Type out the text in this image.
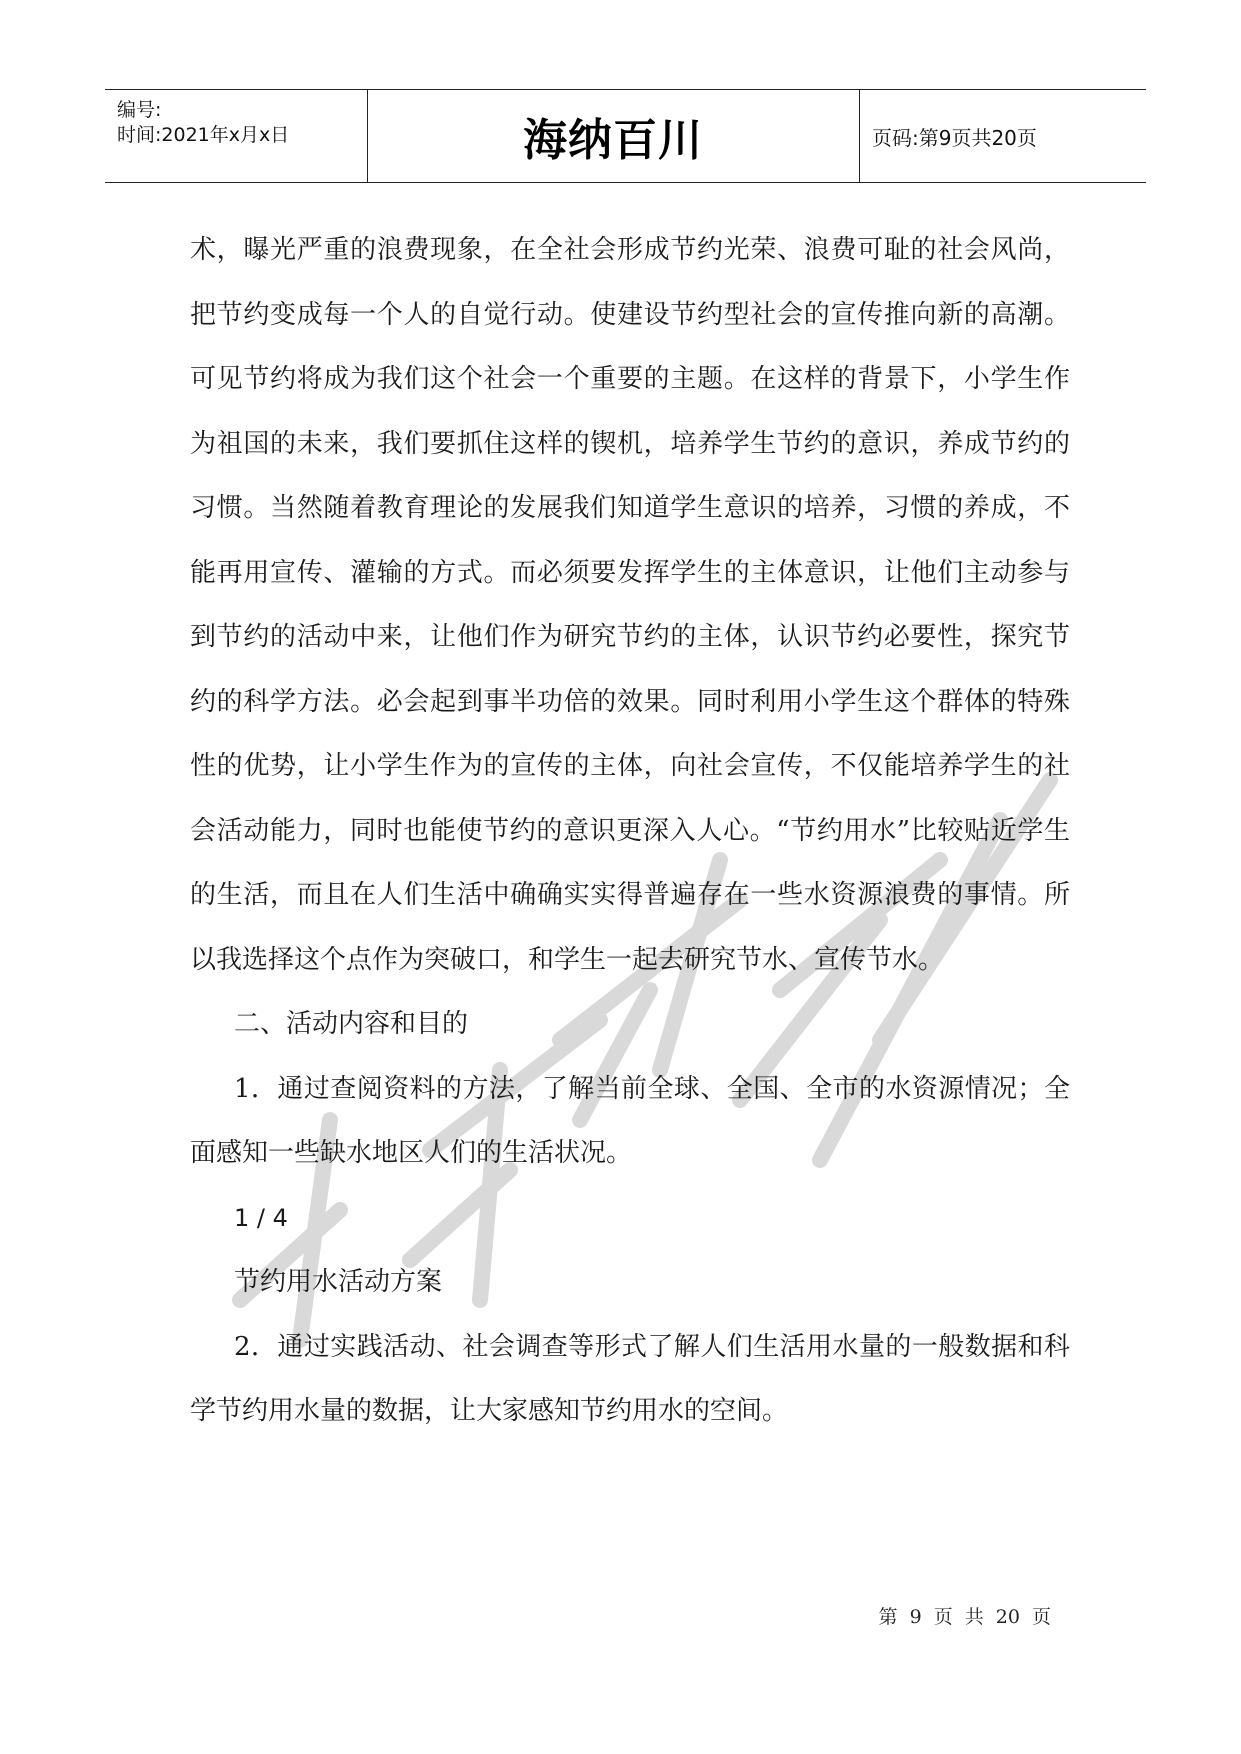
编号:
时间:2021年x月x日	海纳百川	页码:第9页共20页

术，曝光严重的浪费现象，在全社会形成节约光荣、浪费可耻的社会风尚，把节约变成每一个人的自觉行动。使建设节约型社会的宣传推向新的高潮。可见节约将成为我们这个社会一个重要的主题。在这样的背景下，小学生作为祖国的未来，我们要抓住这样的锲机，培养学生节约的意识，养成节约的习惯。当然随着教育理论的发展我们知道学生意识的培养，习惯的养成，不能再用宣传、灌输的方式。而必须要发挥学生的主体意识，让他们主动参与到节约的活动中来，让他们作为研究节约的主体，认识节约必要性，探究节约的科学方法。必会起到事半功倍的效果。同时利用小学生这个群体的特殊性的优势，让小学生作为的宣传的主体，向社会宣传，不仅能培养学生的社会活动能力，同时也能使节约的意识更深入人心。“节约用水”比较贴近学生的生活，而且在人们生活中确确实实得普遍存在一些水资源浪费的事情。所以我选择这个点作为突破口，和学生一起去研究节水、宣传节水。

二、活动内容和目的

1．通过查阅资料的方法，了解当前全球、全国、全市的水资源情况；全面感知一些缺水地区人们的生活状况。

1 / 4

节约用水活动方案

2．通过实践活动、社会调查等形式了解人们生活用水量的一般数据和科学节约用水量的数据，让大家感知节约用水的空间。

第 9 页 共 20 页
